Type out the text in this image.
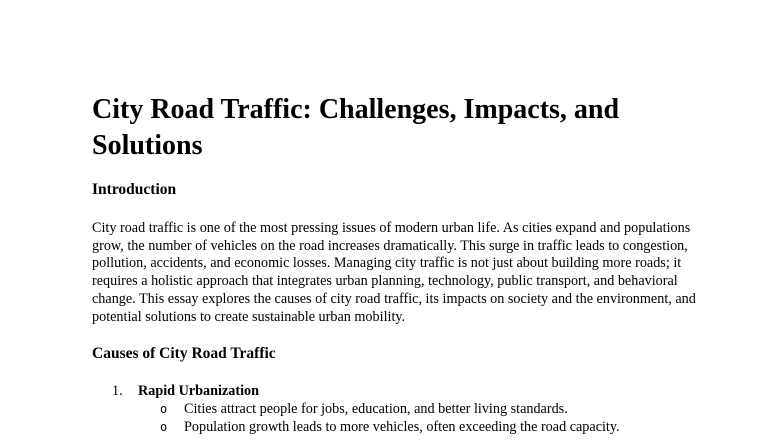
City Road Traffic: Challenges, Impacts, and Solutions
Introduction

City road traffic is one of the most pressing issues of modern urban life. As cities expand and populations grow, the number of vehicles on the road increases dramatically. This surge in traffic leads to congestion, pollution, accidents, and economic losses. Managing city traffic is not just about building more roads; it requires a holistic approach that integrates urban planning, technology, public transport, and behavioral change. This essay explores the causes of city road traffic, its impacts on society and the environment, and potential solutions to create sustainable urban mobility.

Causes of City Road Traffic
1. Rapid Urbanization
o Cities attract people for jobs, education, and better living standards.
o Population growth leads to more vehicles, often exceeding the road capacity.
